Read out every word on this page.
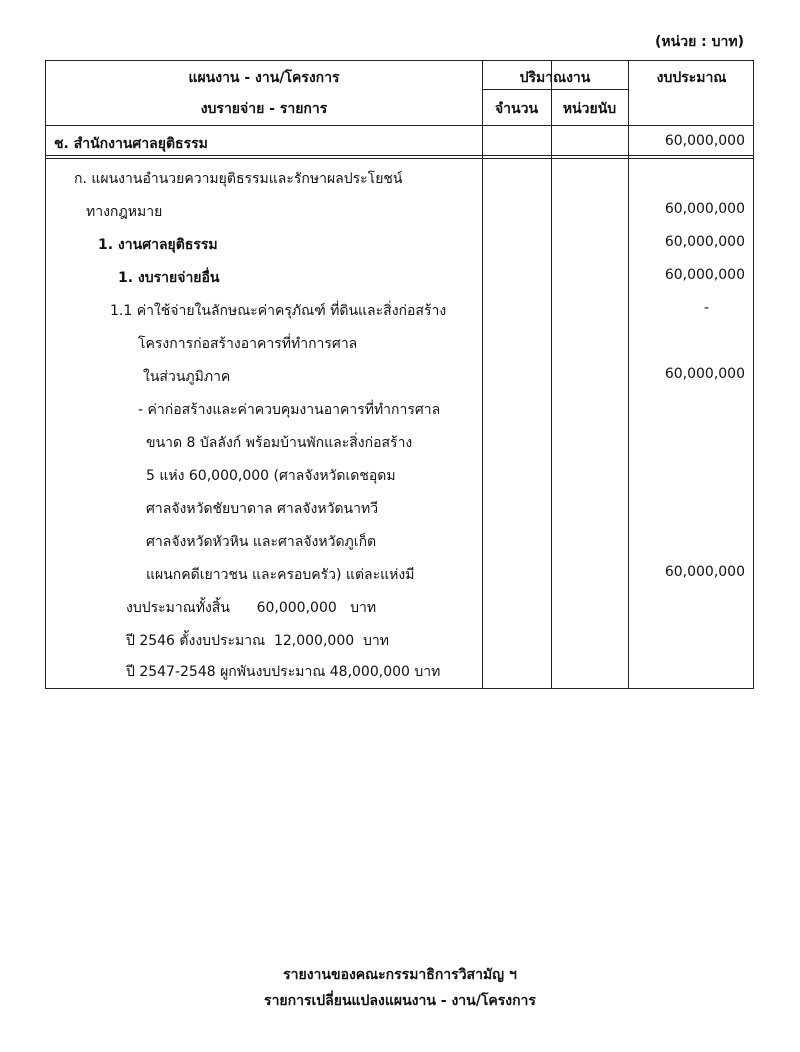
(หน่วย : บาท)
แผนงาน - งาน/โครงการ
งบรายจ่าย - รายการ
ปริมาณงาน
จำนวน	หน่วยนับ
งบประมาณ
ช. สำนักงานศาลยุติธรรม	60,000,000
ก. แผนงานอำนวยความยุติธรรมและรักษาผลประโยชน์
ทางกฎหมาย	60,000,000
1. งานศาลยุติธรรม	60,000,000
1. งบรายจ่ายอื่น	60,000,000
1.1 ค่าใช้จ่ายในลักษณะค่าครุภัณฑ์ ที่ดินและสิ่งก่อสร้าง	-
โครงการก่อสร้างอาคารที่ทำการศาล
ในส่วนภูมิภาค	60,000,000
- ค่าก่อสร้างและค่าควบคุมงานอาคารที่ทำการศาล
ขนาด 8 บัลลังก์ พร้อมบ้านพักและสิ่งก่อสร้าง
5 แห่ง 60,000,000 (ศาลจังหวัดเดชอุดม
ศาลจังหวัดชัยบาดาล ศาลจังหวัดนาทวี
ศาลจังหวัดหัวหิน และศาลจังหวัดภูเก็ต
แผนกคดีเยาวชน และครอบครัว) แต่ละแห่งมี	60,000,000
งบประมาณทั้งสิ้น      60,000,000   บาท
ปี 2546 ตั้งงบประมาณ  12,000,000  บาท
ปี 2547-2548 ผูกพันงบประมาณ 48,000,000 บาท
รายงานของคณะกรรมาธิการวิสามัญ ฯ
รายการเปลี่ยนแปลงแผนงาน - งาน/โครงการ
